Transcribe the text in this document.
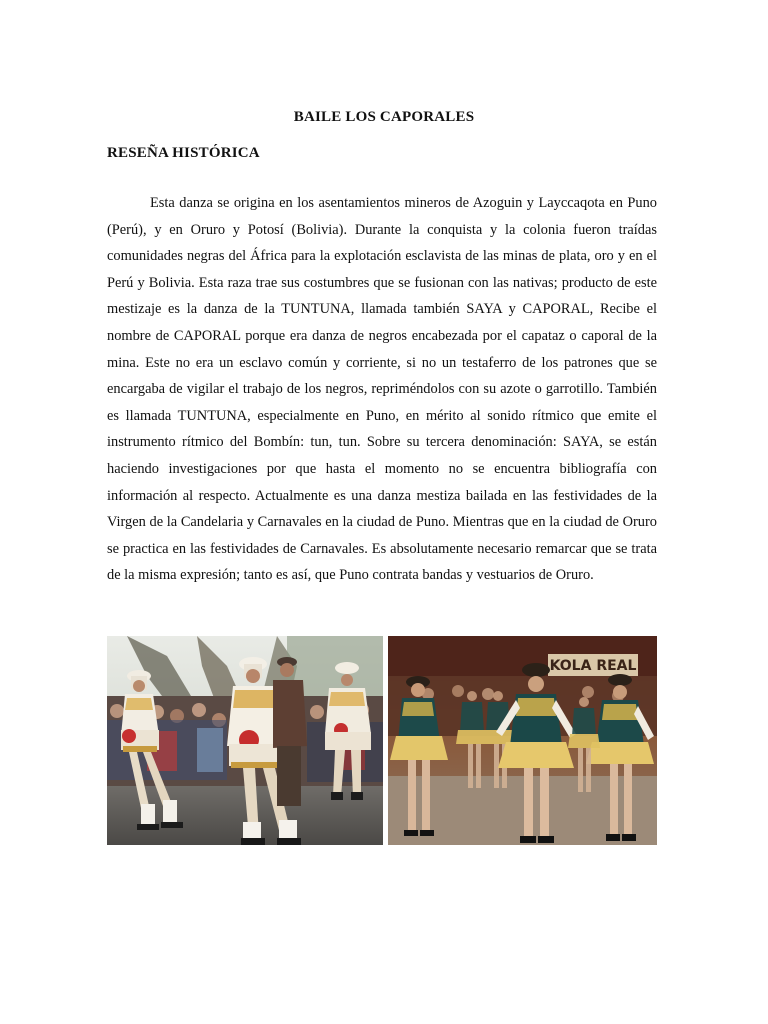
BAILE LOS CAPORALES
RESEÑA HISTÓRICA

Esta danza se origina en los asentamientos mineros de Azoguin y Layccaqota en Puno (Perú), y en Oruro y Potosí (Bolivia). Durante la conquista y la colonia fueron traídas comunidades negras del África para la explotación esclavista de las minas de plata, oro y en el Perú y Bolivia. Esta raza trae sus costumbres que se fusionan con las nativas; producto de este mestizaje es la danza de la TUNTUNA, llamada también SAYA y CAPORAL, Recibe el nombre de CAPORAL porque era danza de negros encabezada por el capataz o caporal de la mina. Este no era un esclavo común y corriente, si no un testaferro de los patrones que se encargaba de vigilar el trabajo de los negros, repriméndolos con su azote o garrotillo. También es llamada TUNTUNA, especialmente en Puno, en mérito al sonido rítmico que emite el instrumento rítmico del Bombín: tun, tun. Sobre su tercera denominación: SAYA, se están haciendo investigaciones por que hasta el momento no se encuentra bibliografía con información al respecto. Actualmente es una danza mestiza bailada en las festividades de la Virgen de la Candelaria y Carnavales en la ciudad de Puno. Mientras que en la ciudad de Oruro se practica en las festividades de Carnavales. Es absolutamente necesario remarcar que se trata de la misma expresión; tanto es así, que Puno contrata bandas y vestuarios de Oruro.

KOLA REAL
